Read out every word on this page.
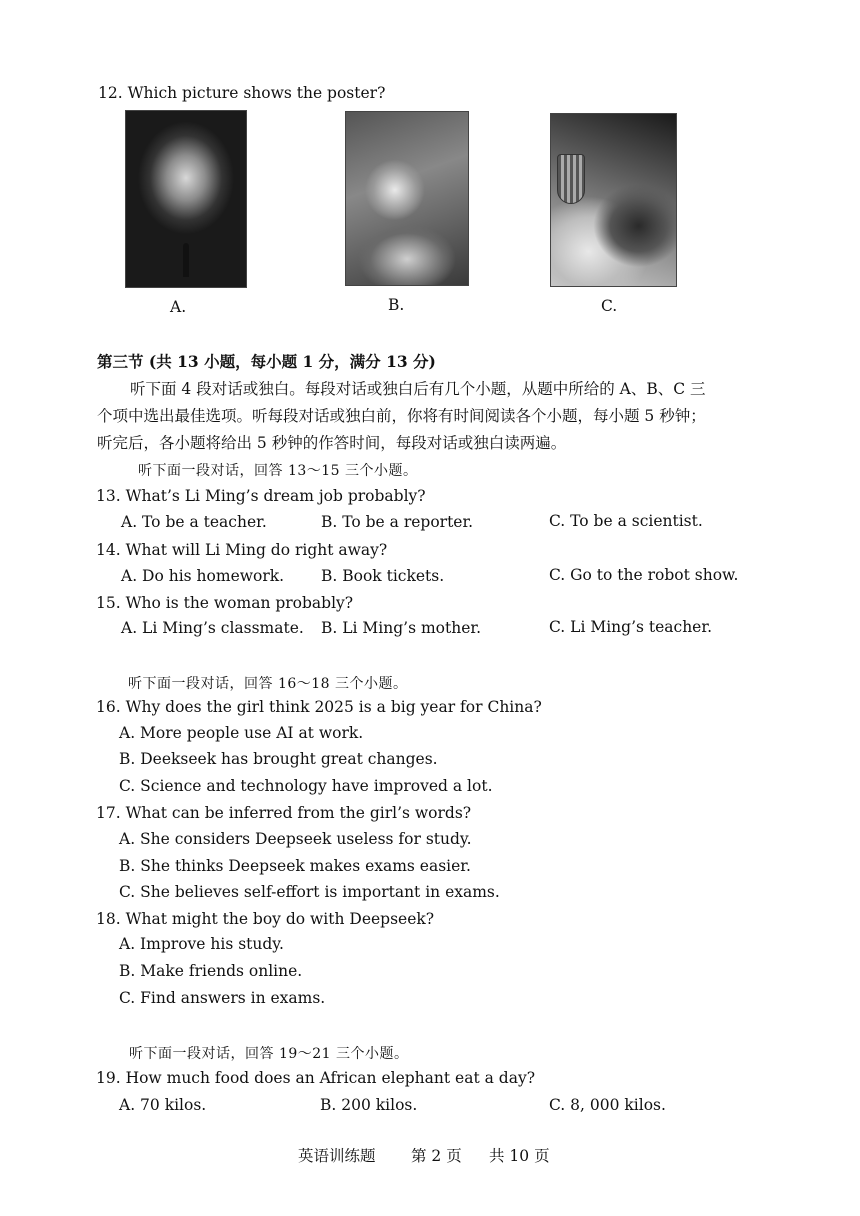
12. Which picture shows the poster?
A.	B.	C.
第三节 (共 13 小题，每小题 1 分，满分 13 分)
听下面 4 段对话或独白。每段对话或独白后有几个小题，从题中所给的 A、B、C 三
个项中选出最佳选项。听每段对话或独白前，你将有时间阅读各个小题，每小题 5 秒钟；
听完后，各小题将给出 5 秒钟的作答时间，每段对话或独白读两遍。
听下面一段对话，回答 13～15 三个小题。
13. What’s Li Ming’s dream job probably?
A. To be a teacher.	B. To be a reporter.	C. To be a scientist.
14. What will Li Ming do right away?
A. Do his homework. B. Book tickets.	C. Go to the robot show.
15. Who is the woman probably?
A. Li Ming’s classmate. B. Li Ming’s mother.	C. Li Ming’s teacher.
听下面一段对话，回答 16～18 三个小题。
16. Why does the girl think 2025 is a big year for China?
A. More people use AI at work.
B. Deekseek has brought great changes.
C. Science and technology have improved a lot.
17. What can be inferred from the girl’s words?
A. She considers Deepseek useless for study.
B. She thinks Deepseek makes exams easier.
C. She believes self-effort is important in exams.
18. What might the boy do with Deepseek?
A. Improve his study.
B. Make friends online.
C. Find answers in exams.
听下面一段对话，回答 19～21 三个小题。
19. How much food does an African elephant eat a day?
A. 70 kilos.	B. 200 kilos.	C. 8, 000 kilos.
英语训练题 第 2 页 共 10 页
